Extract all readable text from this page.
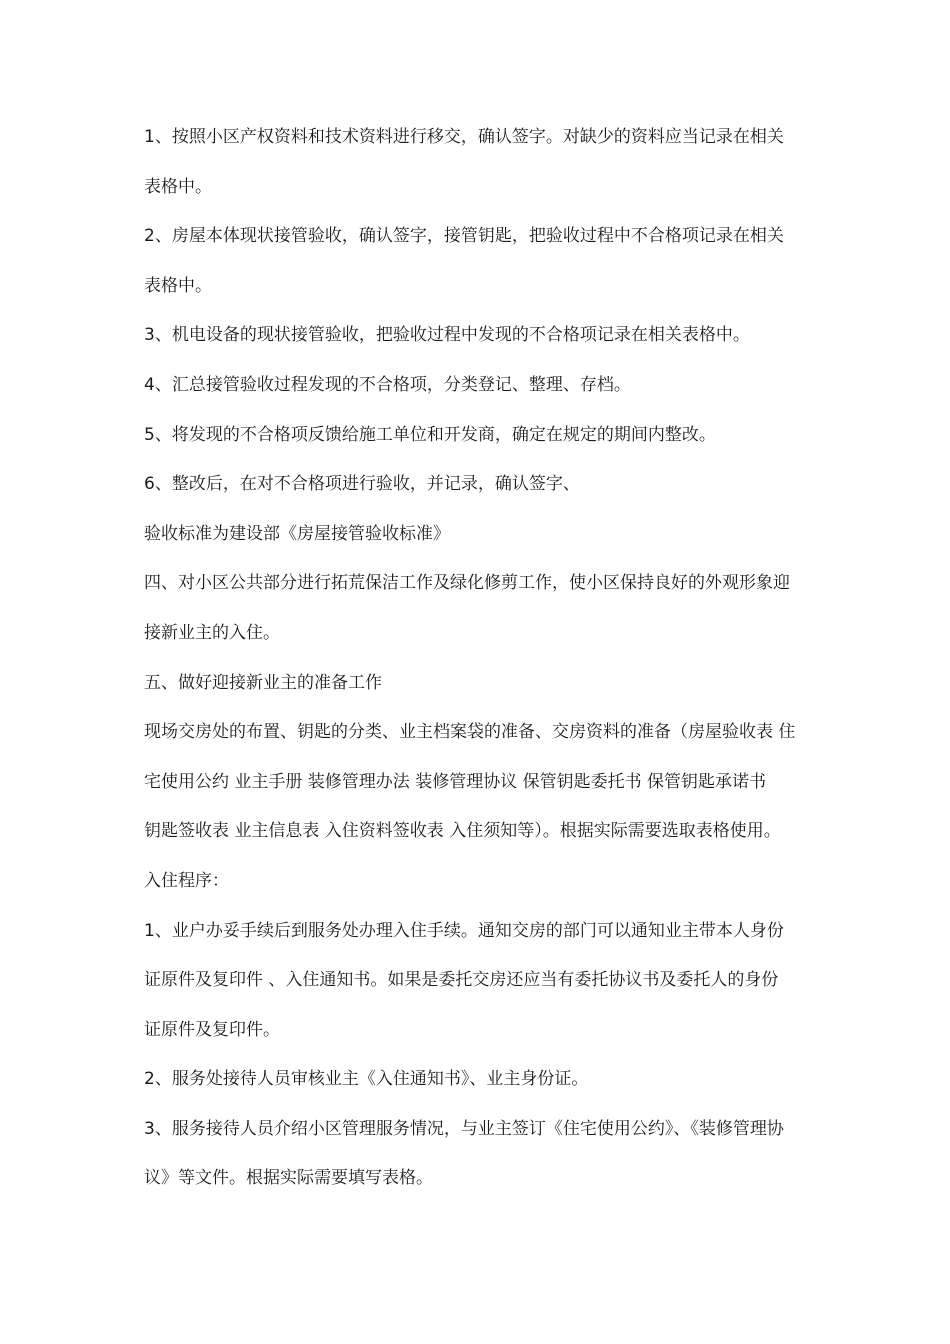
1、按照小区产权资料和技术资料进行移交，确认签字。对缺少的资料应当记录在相关
表格中。
2、房屋本体现状接管验收，确认签字，接管钥匙，把验收过程中不合格项记录在相关
表格中。
3、机电设备的现状接管验收，把验收过程中发现的不合格项记录在相关表格中。
4、汇总接管验收过程发现的不合格项，分类登记、整理、存档。
5、将发现的不合格项反馈给施工单位和开发商，确定在规定的期间内整改。
6、整改后，在对不合格项进行验收，并记录，确认签字、
验收标准为建设部《房屋接管验收标准》
四、对小区公共部分进行拓荒保洁工作及绿化修剪工作，使小区保持良好的外观形象迎
接新业主的入住。
五、做好迎接新业主的准备工作
现场交房处的布置、钥匙的分类、业主档案袋的准备、交房资料的准备（房屋验收表 住
宅使用公约 业主手册 装修管理办法 装修管理协议 保管钥匙委托书 保管钥匙承诺书
钥匙签收表 业主信息表 入住资料签收表 入住须知等）。根据实际需要选取表格使用。
入住程序：
1、业户办妥手续后到服务处办理入住手续。通知交房的部门可以通知业主带本人身份
证原件及复印件 、入住通知书。如果是委托交房还应当有委托协议书及委托人的身份
证原件及复印件。
2、服务处接待人员审核业主《入住通知书》、业主身份证。
3、服务接待人员介绍小区管理服务情况，与业主签订《住宅使用公约》、《装修管理协
议》等文件。根据实际需要填写表格。
